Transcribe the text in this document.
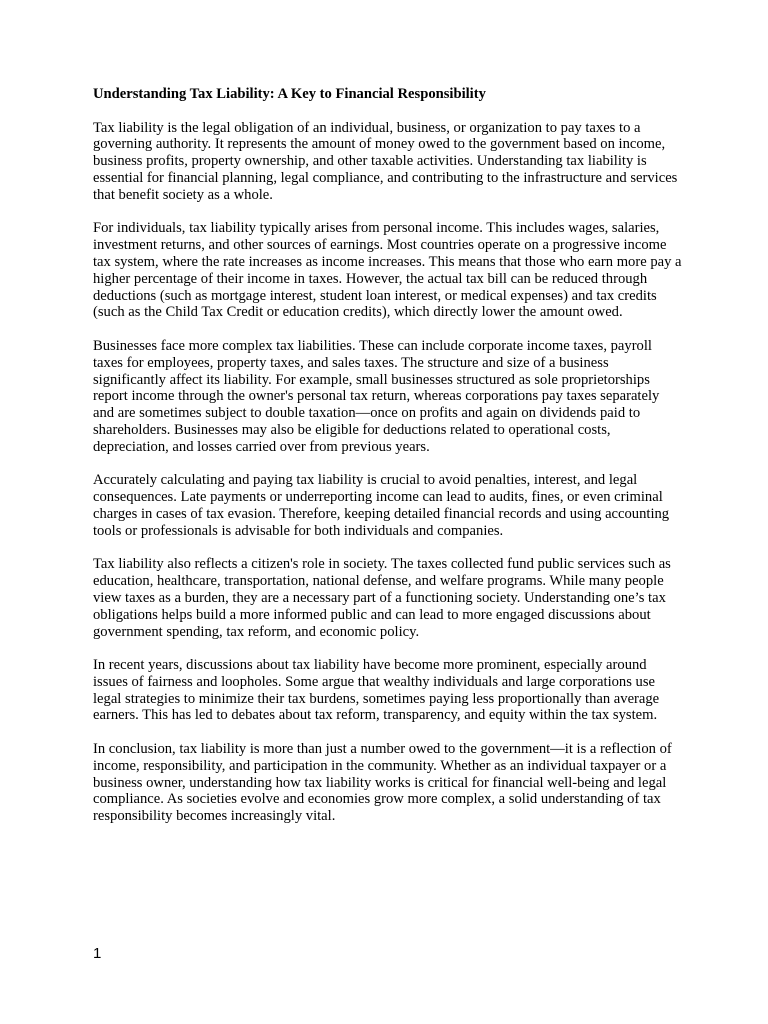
Understanding Tax Liability: A Key to Financial Responsibility

Tax liability is the legal obligation of an individual, business, or organization to pay taxes to a governing authority. It represents the amount of money owed to the government based on income, business profits, property ownership, and other taxable activities. Understanding tax liability is essential for financial planning, legal compliance, and contributing to the infrastructure and services that benefit society as a whole.

For individuals, tax liability typically arises from personal income. This includes wages, salaries, investment returns, and other sources of earnings. Most countries operate on a progressive income tax system, where the rate increases as income increases. This means that those who earn more pay a higher percentage of their income in taxes. However, the actual tax bill can be reduced through deductions (such as mortgage interest, student loan interest, or medical expenses) and tax credits (such as the Child Tax Credit or education credits), which directly lower the amount owed.

Businesses face more complex tax liabilities. These can include corporate income taxes, payroll taxes for employees, property taxes, and sales taxes. The structure and size of a business significantly affect its liability. For example, small businesses structured as sole proprietorships report income through the owner's personal tax return, whereas corporations pay taxes separately and are sometimes subject to double taxation—once on profits and again on dividends paid to shareholders. Businesses may also be eligible for deductions related to operational costs, depreciation, and losses carried over from previous years.

Accurately calculating and paying tax liability is crucial to avoid penalties, interest, and legal consequences. Late payments or underreporting income can lead to audits, fines, or even criminal charges in cases of tax evasion. Therefore, keeping detailed financial records and using accounting tools or professionals is advisable for both individuals and companies.

Tax liability also reflects a citizen's role in society. The taxes collected fund public services such as education, healthcare, transportation, national defense, and welfare programs. While many people view taxes as a burden, they are a necessary part of a functioning society. Understanding one’s tax obligations helps build a more informed public and can lead to more engaged discussions about government spending, tax reform, and economic policy.

In recent years, discussions about tax liability have become more prominent, especially around issues of fairness and loopholes. Some argue that wealthy individuals and large corporations use legal strategies to minimize their tax burdens, sometimes paying less proportionally than average earners. This has led to debates about tax reform, transparency, and equity within the tax system.

In conclusion, tax liability is more than just a number owed to the government—it is a reflection of income, responsibility, and participation in the community. Whether as an individual taxpayer or a business owner, understanding how tax liability works is critical for financial well-being and legal compliance. As societies evolve and economies grow more complex, a solid understanding of tax responsibility becomes increasingly vital.

1
